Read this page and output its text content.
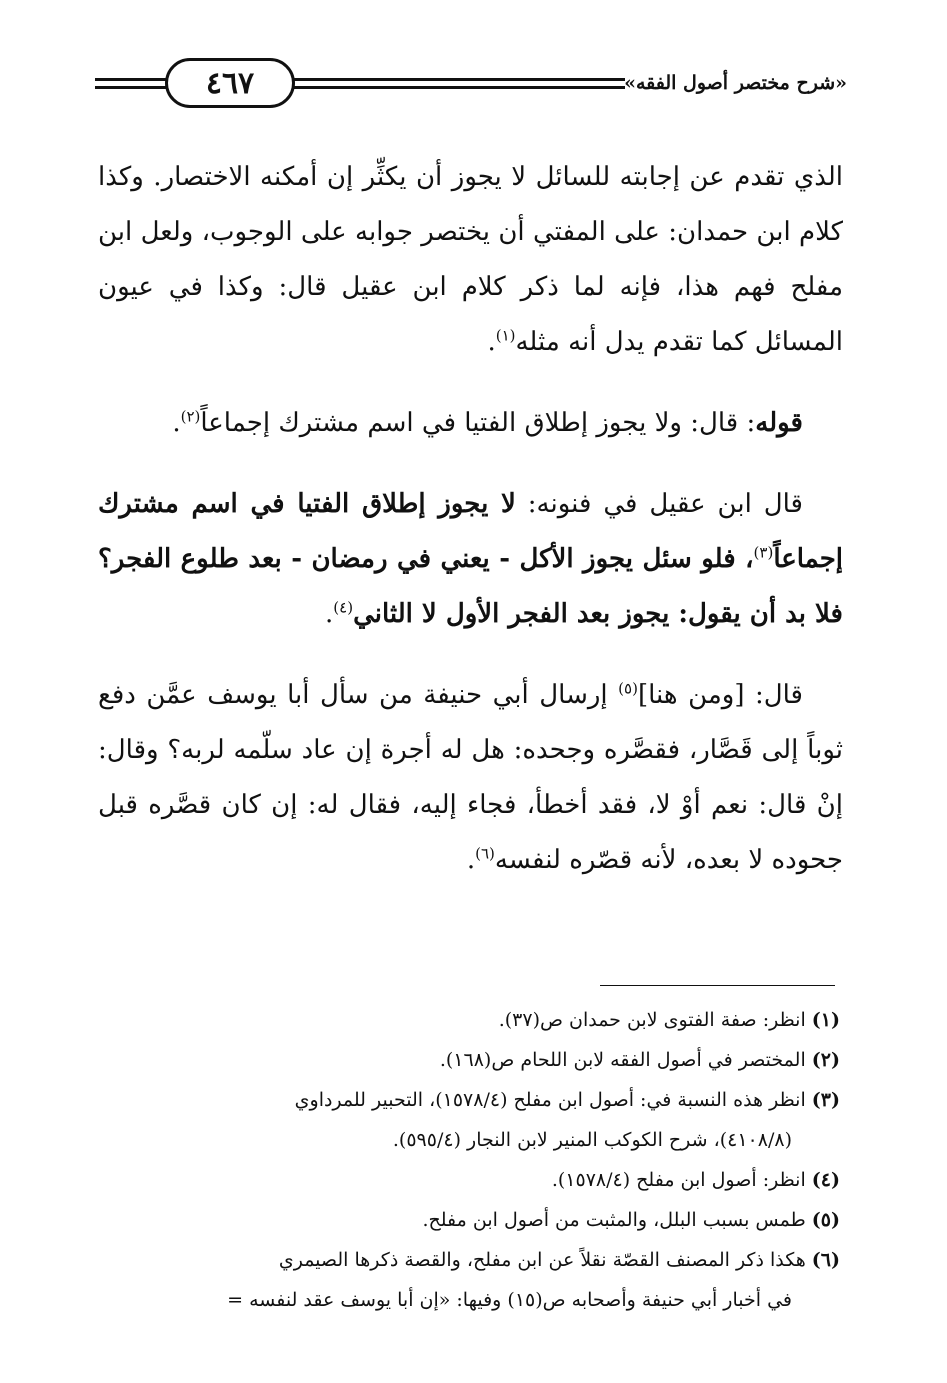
٤٦٧	«شرح مختصر أصول الفقه»

الذي تقدم عن إجابته للسائل لا يجوز أن يكثِّر إن أمكنه الاختصار. وكذا كلام ابن حمدان: على المفتي أن يختصر جوابه على الوجوب، ولعل ابن مفلح فهم هذا، فإنه لما ذكر كلام ابن عقيل قال: وكذا في عيون المسائل كما تقدم يدل أنه مثله$^{(١)}$.

قوله: قال: ولا يجوز إطلاق الفتيا في اسم مشترك إجماعاً$^{(٢)}$.

قال ابن عقيل في فنونه: لا يجوز إطلاق الفتيا في اسم مشترك إجماعاً$^{(٣)}$، فلو سئل يجوز الأكل - يعني في رمضان - بعد طلوع الفجر؟ فلا بد أن يقول: يجوز بعد الفجر الأول لا الثاني$^{(٤)}$.

قال: [ومن هنا]$^{(٥)}$ إرسال أبي حنيفة من سأل أبا يوسف عمَّن دفع ثوباً إلى قَصَّار، فقصَّره وجحده: هل له أجرة إن عاد سلّمه لربه؟ وقال: إنْ قال: نعم أوْ لا، فقد أخطأ، فجاء إليه، فقال له: إن كان قصَّره قبل جحوده لا بعده، لأنه قصّره لنفسه$^{(٦)}$.

(١) انظر: صفة الفتوى لابن حمدان ص(٣٧).

(٢) المختصر في أصول الفقه لابن اللحام ص(١٦٨).

(٣) انظر هذه النسبة في: أصول ابن مفلح (١٥٧٨/٤)، التحبير للمرداوي

(٤١٠٨/٨)، شرح الكوكب المنير لابن النجار (٥٩٥/٤).

(٤) انظر: أصول ابن مفلح (١٥٧٨/٤).

(٥) طمس بسبب البلل، والمثبت من أصول ابن مفلح.

(٦) هكذا ذكر المصنف القصّة نقلاً عن ابن مفلح، والقصة ذكرها الصيمري

في أخبار أبي حنيفة وأصحابه ص(١٥) وفيها: «إن أبا يوسف عقد لنفسه =
